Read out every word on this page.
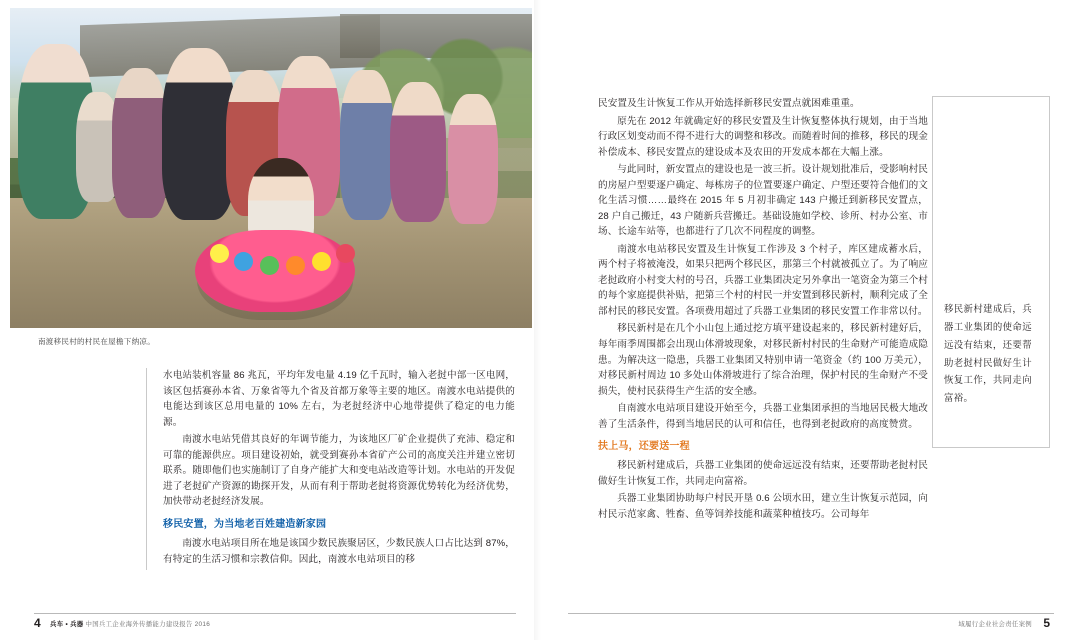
南渡移民村的村民在屋檐下纳凉。

水电站装机容量 86 兆瓦，平均年发电量 4.19 亿千瓦时，输入老挝中部一区电网，该区包括赛孙本省、万象省等九个省及首都万象等主要的地区。南渡水电站提供的电能达到该区总用电量的 10% 左右，为老挝经济中心地带提供了稳定的电力能源。

南渡水电站凭借其良好的年调节能力，为该地区厂矿企业提供了充沛、稳定和可靠的能源供应。项目建设初始，就受到赛孙本省矿产公司的高度关注并建立密切联系。随即他们也实施制订了自身产能扩大和变电站改造等计划。水电站的开发促进了老挝矿产资源的勘探开发，从而有利于帮助老挝将资源优势转化为经济优势，加快带动老挝经济发展。

移民安置，为当地老百姓建造新家园

南渡水电站项目所在地是该国少数民族聚居区，少数民族人口占比达到 87%，有特定的生活习惯和宗教信仰。因此，南渡水电站项目的移

4 兵车 • 兵器 中国兵工企业海外传播能力建设报告 2016

民安置及生计恢复工作从开始选择新移民安置点就困难重重。

原先在 2012 年就确定好的移民安置及生计恢复整体执行规划，由于当地行政区划变动而不得不进行大的调整和移改。而随着时间的推移，移民的现金补偿成本、移民安置点的建设成本及农田的开发成本都在大幅上涨。

与此同时，新安置点的建设也是一波三折。设计规划批准后，受影响村民的房屋户型要逐户确定、每栋房子的位置要逐户确定、户型还要符合他们的文化生活习惯……最终在 2015 年 5 月初非确定 143 户搬迁到新移民安置点，28 户自己搬迁，43 户随新兵营搬迁。基础设施如学校、诊所、村办公室、市场、长途车站等，也都进行了几次不同程度的调整。

南渡水电站移民安置及生计恢复工作涉及 3 个村子，库区建成蓄水后，两个村子将被淹没，如果只把两个移民区，那第三个村就被孤立了。为了响应老挝政府小村变大村的号召，兵器工业集团决定另外拿出一笔资金为第三个村的每个家庭提供补贴，把第三个村的村民一并安置到移民新村，顺利完成了全部村民的移民安置。各项费用超过了兵器工业集团的移民安置工作非常以付。

移民新村是在几个小山包上通过挖方填平建设起来的，移民新村建好后，每年雨季周围都会出现山体滑坡现象，对移民新村村民的生命财产可能造成隐患。为解决这一隐患，兵器工业集团又特别申请一笔资金（约 100 万美元），对移民新村周边 10 多处山体滑坡进行了综合治理，保护村民的生命财产不受损失，使村民获得生产生活的安全感。

自南渡水电站项目建设开始至今，兵器工业集团承担的当地居民极大地改善了生活条件，得到当地居民的认可和信任，也得到老挝政府的高度赞赏。

扶上马，还要送一程

移民新村建成后，兵器工业集团的使命远远没有结束，还要帮助老挝村民做好生计恢复工作，共同走向富裕。

兵器工业集团协助每户村民开垦 0.6 公顷水田，建立生计恢复示范园，向村民示范家禽、牲畜、鱼等饲养技能和蔬菜种植技巧。公司每年

移民新村建成后，兵器工业集团的使命远远没有结束，还要帮助老挝村民做好生计恢复工作，共同走向富裕。
5
域履行企业社会责任案例
